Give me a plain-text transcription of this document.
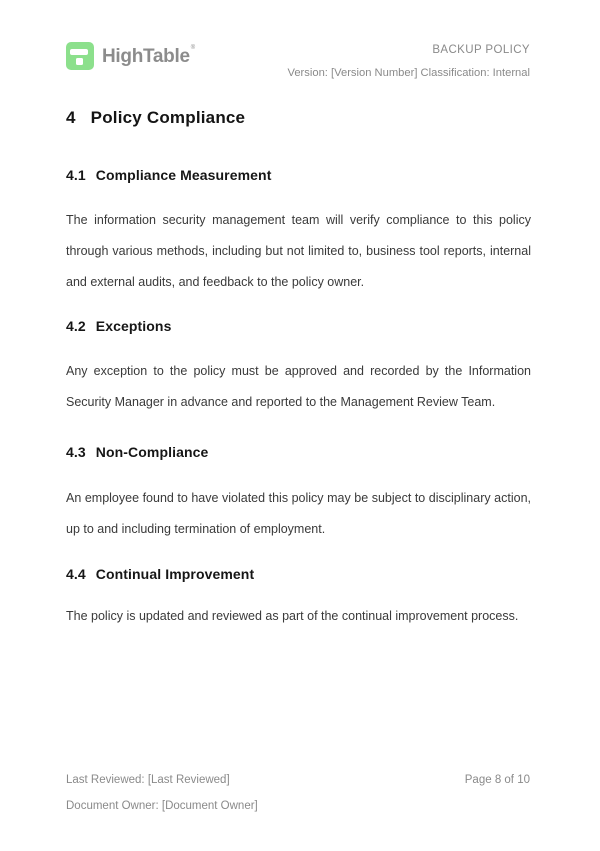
HighTable ®	BACKUP POLICY
Version: [Version Number] Classification: Internal
4 Policy Compliance
4.1 Compliance Measurement
The information security management team will verify compliance to this policy through various methods, including but not limited to, business tool reports, internal and external audits, and feedback to the policy owner.
4.2 Exceptions
Any exception to the policy must be approved and recorded by the Information Security Manager in advance and reported to the Management Review Team.
4.3 Non-Compliance
An employee found to have violated this policy may be subject to disciplinary action, up to and including termination of employment.
4.4 Continual Improvement
The policy is updated and reviewed as part of the continual improvement process.
Last Reviewed: [Last Reviewed]	Page 8 of 10
Document Owner: [Document Owner]
